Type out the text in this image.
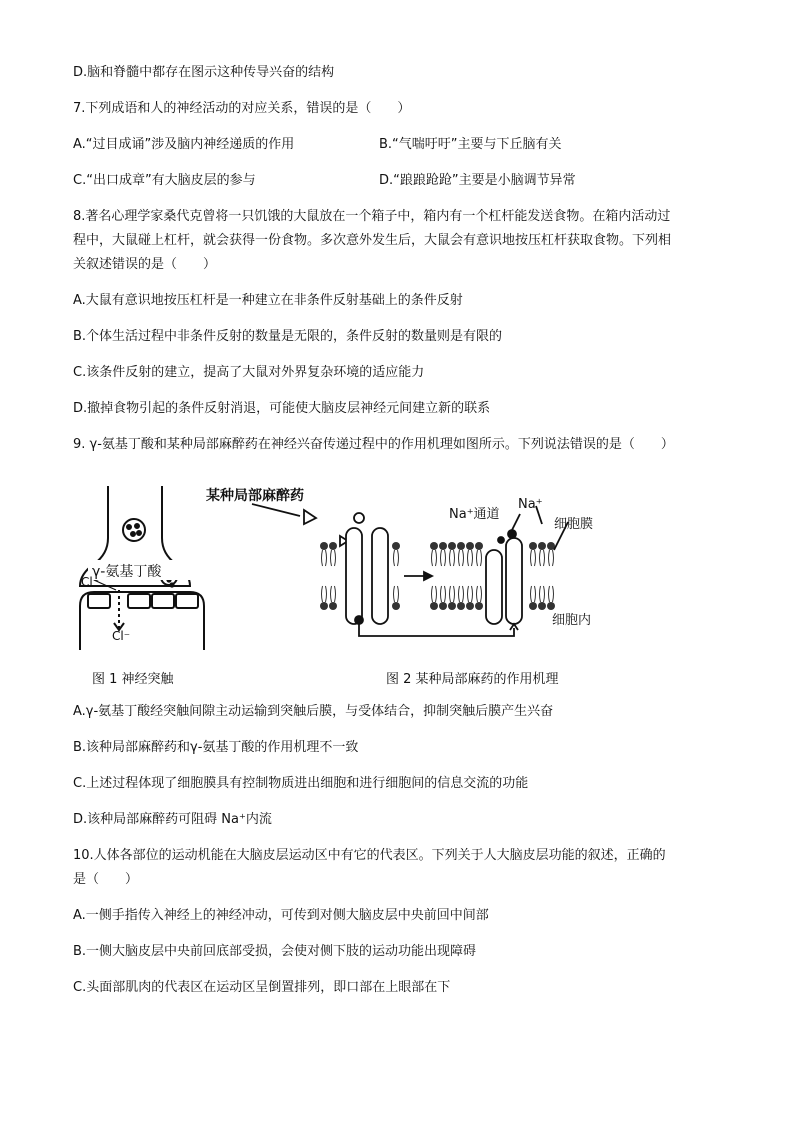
D.脑和脊髓中都存在图示这种传导兴奋的结构
7.下列成语和人的神经活动的对应关系，错误的是（　　）
A.“过目成诵”涉及脑内神经递质的作用	B.“气喘吁吁”主要与下丘脑有关
C.“出口成章”有大脑皮层的参与	D.“踉踉跄跄”主要是小脑调节异常
8.著名心理学家桑代克曾将一只饥饿的大鼠放在一个箱子中，箱内有一个杠杆能发送食物。在箱内活动过
程中，大鼠碰上杠杆，就会获得一份食物。多次意外发生后，大鼠会有意识地按压杠杆获取食物。下列相
关叙述错误的是（　　）
A.大鼠有意识地按压杠杆是一种建立在非条件反射基础上的条件反射
B.个体生活过程中非条件反射的数量是无限的，条件反射的数量则是有限的
C.该条件反射的建立，提高了大鼠对外界复杂环境的适应能力
D.撤掉食物引起的条件反射消退，可能使大脑皮层神经元间建立新的联系
9. γ-氨基丁酸和某种局部麻醉药在神经兴奋传递过程中的作用机理如图所示。下列说法错误的是（　　）
γ-氨基丁酸
Cl⁻
Cl⁻
某种局部麻醉药
Na⁺通道
Na⁺
细胞膜
细胞内
图 1 神经突触	图 2 某种局部麻药的作用机理
A.γ-氨基丁酸经突触间隙主动运输到突触后膜，与受体结合，抑制突触后膜产生兴奋
B.该种局部麻醉药和γ-氨基丁酸的作用机理不一致
C.上述过程体现了细胞膜具有控制物质进出细胞和进行细胞间的信息交流的功能
D.该种局部麻醉药可阻碍 Na⁺内流
10.人体各部位的运动机能在大脑皮层运动区中有它的代表区。下列关于人大脑皮层功能的叙述，正确的
是（　　）
A.一侧手指传入神经上的神经冲动，可传到对侧大脑皮层中央前回中间部
B.一侧大脑皮层中央前回底部受损，会使对侧下肢的运动功能出现障碍
C.头面部肌肉的代表区在运动区呈倒置排列，即口部在上眼部在下
